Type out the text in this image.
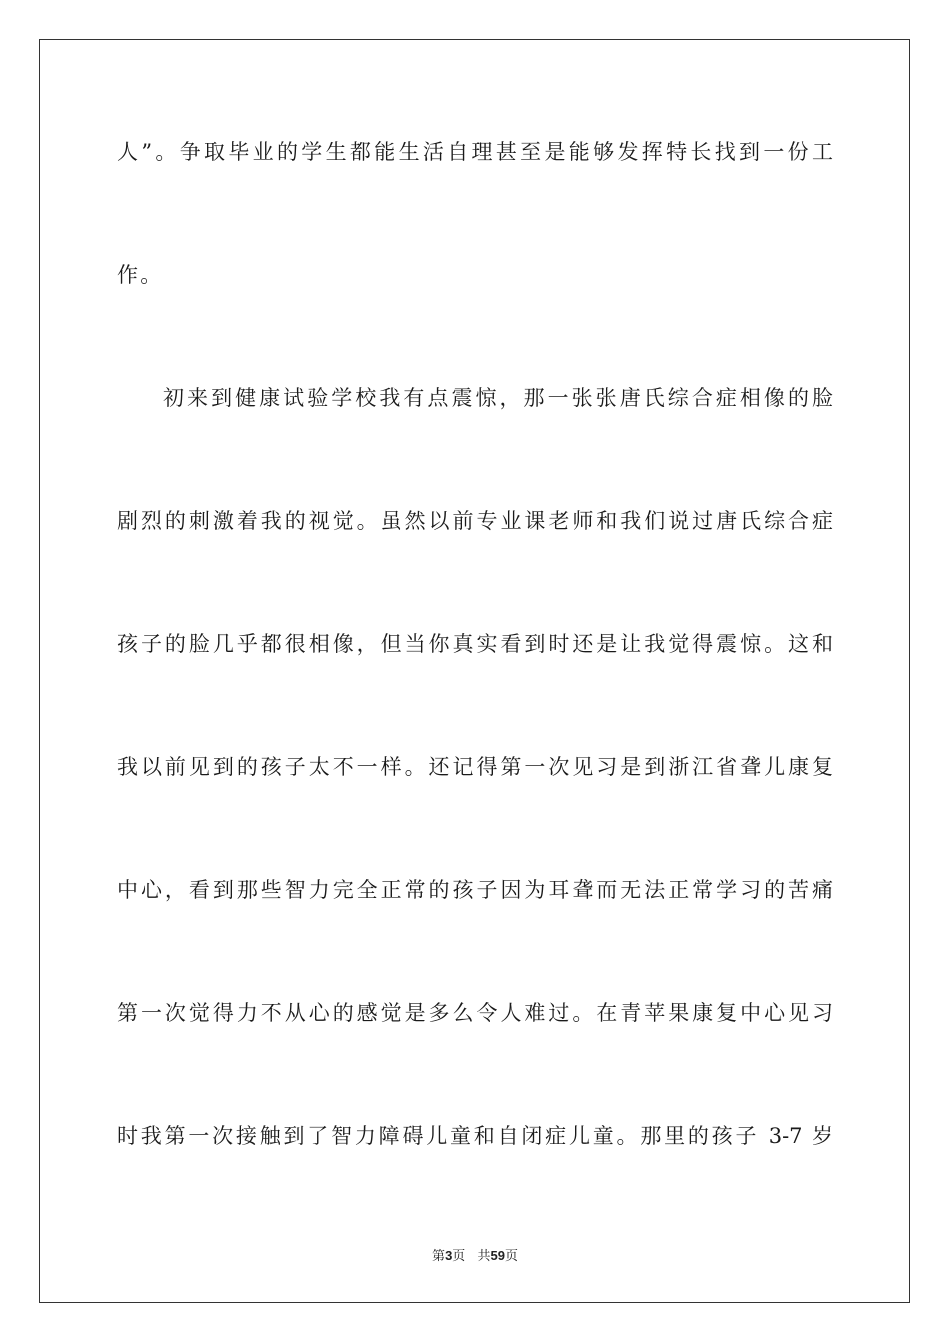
人”。争取毕业的学生都能生活自理甚至是能够发挥特长找到一份工
作。
初来到健康试验学校我有点震惊，那一张张唐氏综合症相像的脸
剧烈的刺激着我的视觉。虽然以前专业课老师和我们说过唐氏综合症
孩子的脸几乎都很相像，但当你真实看到时还是让我觉得震惊。这和
我以前见到的孩子太不一样。还记得第一次见习是到浙江省聋儿康复
中心，看到那些智力完全正常的孩子因为耳聋而无法正常学习的苦痛
第一次觉得力不从心的感觉是多么令人难过。在青苹果康复中心见习
时我第一次接触到了智力障碍儿童和自闭症儿童。那里的孩子 3-7 岁
第3页 共59页
